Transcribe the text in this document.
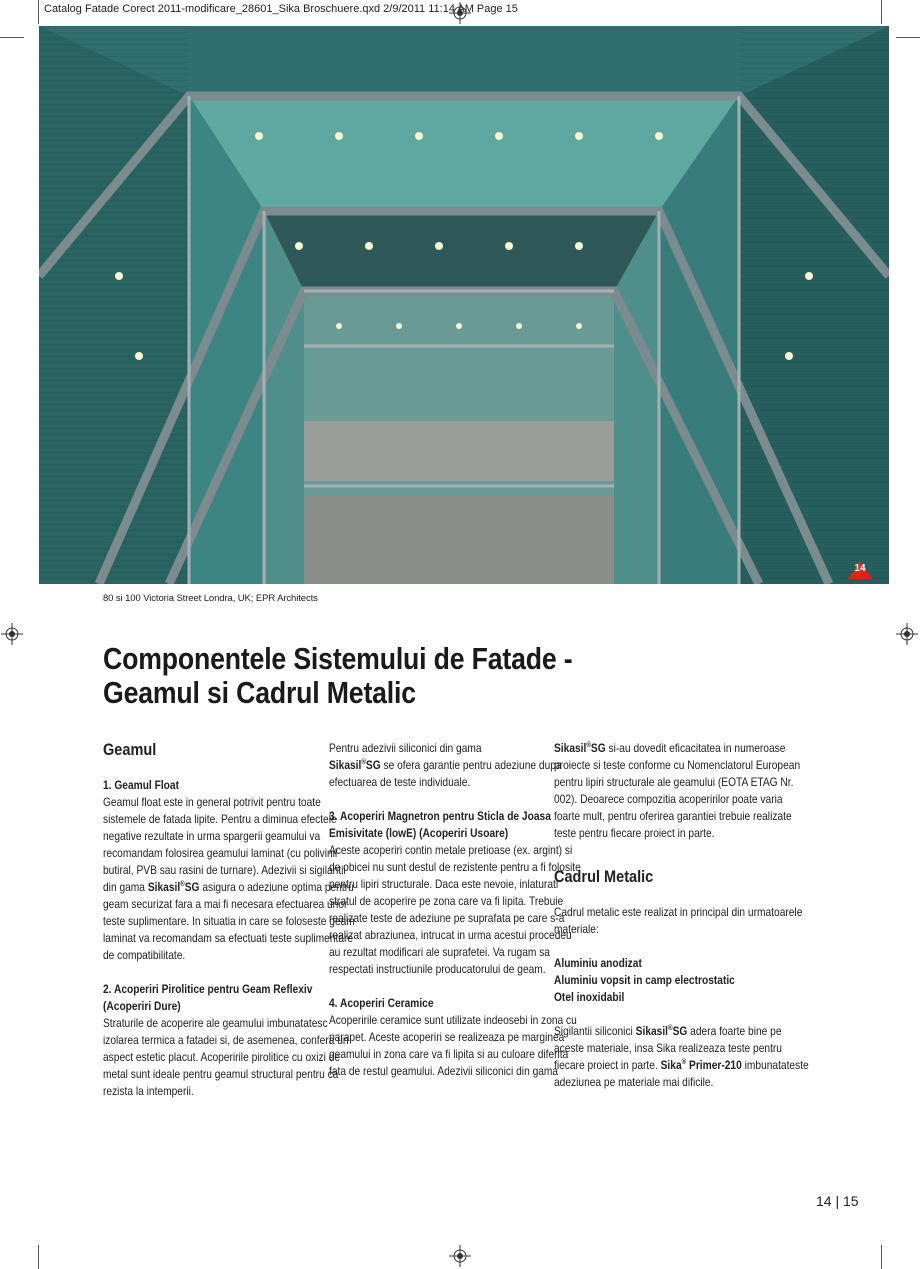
Catalog Fatade Corect 2011-modificare_28601_Sika Broschuere.qxd 2/9/2011 11:14 AM Page 15
14
80 si 100 Victoria Street Londra, UK; EPR Architects
Componentele Sistemului de Fatade -
Geamul si Cadrul Metalic
Geamul
1. Geamul Float
Geamul float este in general potrivit pentru toate sistemele de fatada lipite. Pentru a diminua efectele negative rezultate in urma spargerii geamului va recomandam folosirea geamului laminat (cu polivinil butiral, PVB sau rasini de turnare). Adezivii si sigilantii din gama Sikasil®SG asigura o adeziune optima pentru geam securizat fara a mai fi necesara efectuarea unor teste suplimentare. In situatia in care se foloseste geam laminat va recomandam sa efectuati teste suplimentare de compatibilitate.
2. Acoperiri Pirolitice pentru Geam Reflexiv (Acoperiri Dure)
Straturile de acoperire ale geamului imbunatatesc izolarea termica a fatadei si, de asemenea, confera un aspect estetic placut. Acoperirile pirolitice cu oxizi de metal sunt ideale pentru geamul structural pentru ca rezista la intemperii.
Pentru adezivii siliconici din gama
Sikasil®SG se ofera garantie pentru adeziune dupa efectuarea de teste individuale.
3. Acoperiri Magnetron pentru Sticla de Joasa Emisivitate (lowE) (Acoperiri Usoare)
Aceste acoperiri contin metale pretioase (ex. argint) si de obicei nu sunt destul de rezistente pentru a fi folosite pentru lipiri structurale. Daca este nevoie, inlaturati stratul de acoperire pe zona care va fi lipita. Trebuie realizate teste de adeziune pe suprafata pe care s-a realizat abraziunea, intrucat in urma acestui procedeu au rezultat modificari ale suprafetei. Va rugam sa respectati instructiunile producatorului de geam.
4. Acoperiri Ceramice
Acoperirile ceramice sunt utilizate indeosebi in zona cu parapet. Aceste acoperiri se realizeaza pe marginea geamului in zona care va fi lipita si au culoare diferita fata de restul geamului. Adezivii siliconici din gama
Sikasil®SG si-au dovedit eficacitatea in numeroase proiecte si teste conforme cu Nomenclatorul European pentru lipiri structurale ale geamului (EOTA ETAG Nr. 002). Deoarece compozitia acoperirilor poate varia foarte mult, pentru oferirea garantiei trebuie realizate teste pentru fiecare proiect in parte.
Cadrul Metalic
Cadrul metalic este realizat in principal din urmatoarele materiale:
Aluminiu anodizat
Aluminiu vopsit in camp electrostatic
Otel inoxidabil
Sigilantii siliconici Sikasil®SG adera foarte bine pe aceste materiale, insa Sika realizeaza teste pentru fiecare proiect in parte. Sika® Primer-210 imbunatateste adeziunea pe materiale mai dificile.
14 | 15
